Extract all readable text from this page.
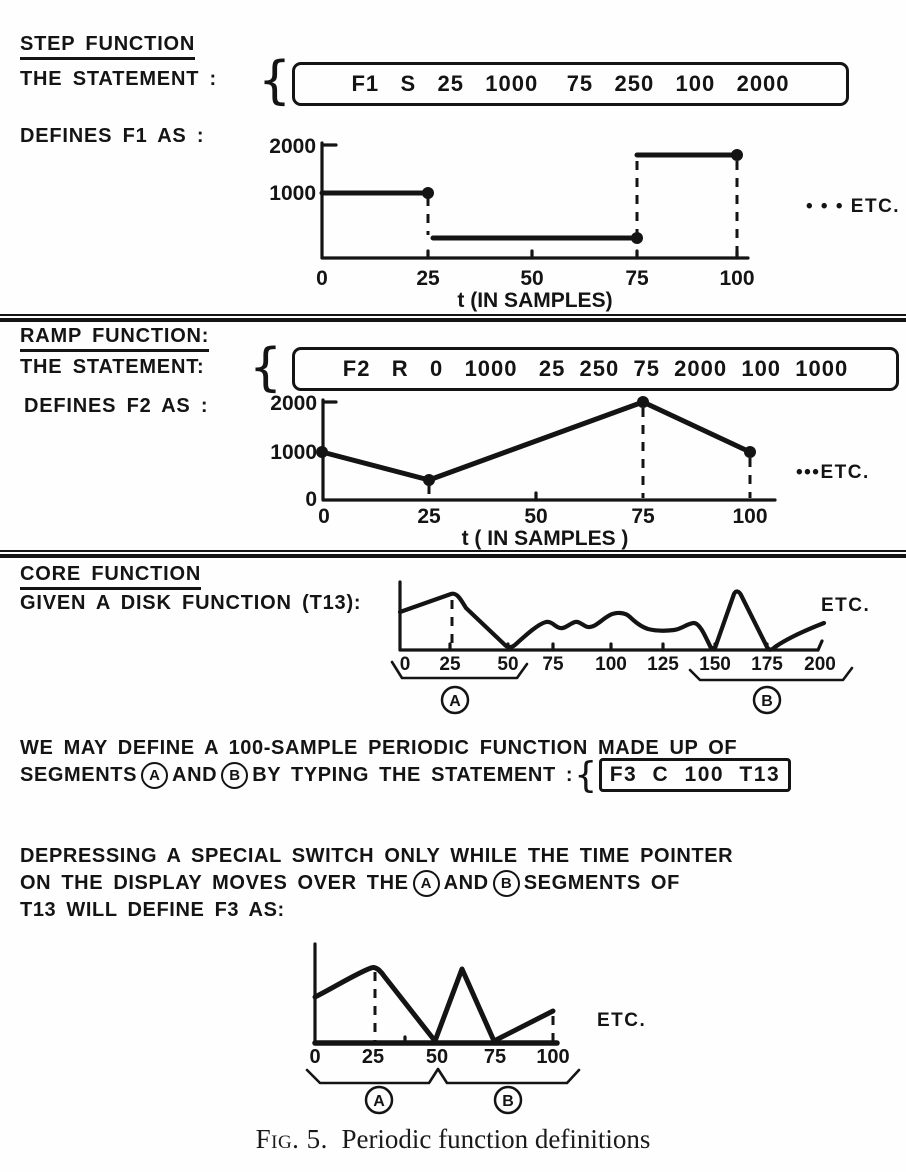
STEP FUNCTION
THE STATEMENT : {	F1   S   25   1000    75   250   100   2000
DEFINES F1 AS :	2000
1000
0	25	50	75	100
t (IN SAMPLES)
• • • ETC.
RAMP FUNCTION:
THE STATEMENT: {	F2   R   0   1000   25  250  75  2000  100  1000
DEFINES F2 AS :	2000
1000
0
0	25	50	75	100
t ( IN SAMPLES )
•••ETC.
CORE FUNCTION
GIVEN A DISK FUNCTION (T13):
0 25 50 75 100 125 150 175 200
A	B
ETC.
WE MAY DEFINE A 100-SAMPLE PERIODIC FUNCTION MADE UP OF
SEGMENTS A AND B BY TYPING THE STATEMENT : { F3 C 100 T13
DEPRESSING A SPECIAL SWITCH ONLY WHILE THE TIME POINTER
ON THE DISPLAY MOVES OVER THE A AND B SEGMENTS OF
T13 WILL DEFINE F3 AS:
0 25 50 75 100
A	B
ETC.
Fig. 5. Periodic function definitions
